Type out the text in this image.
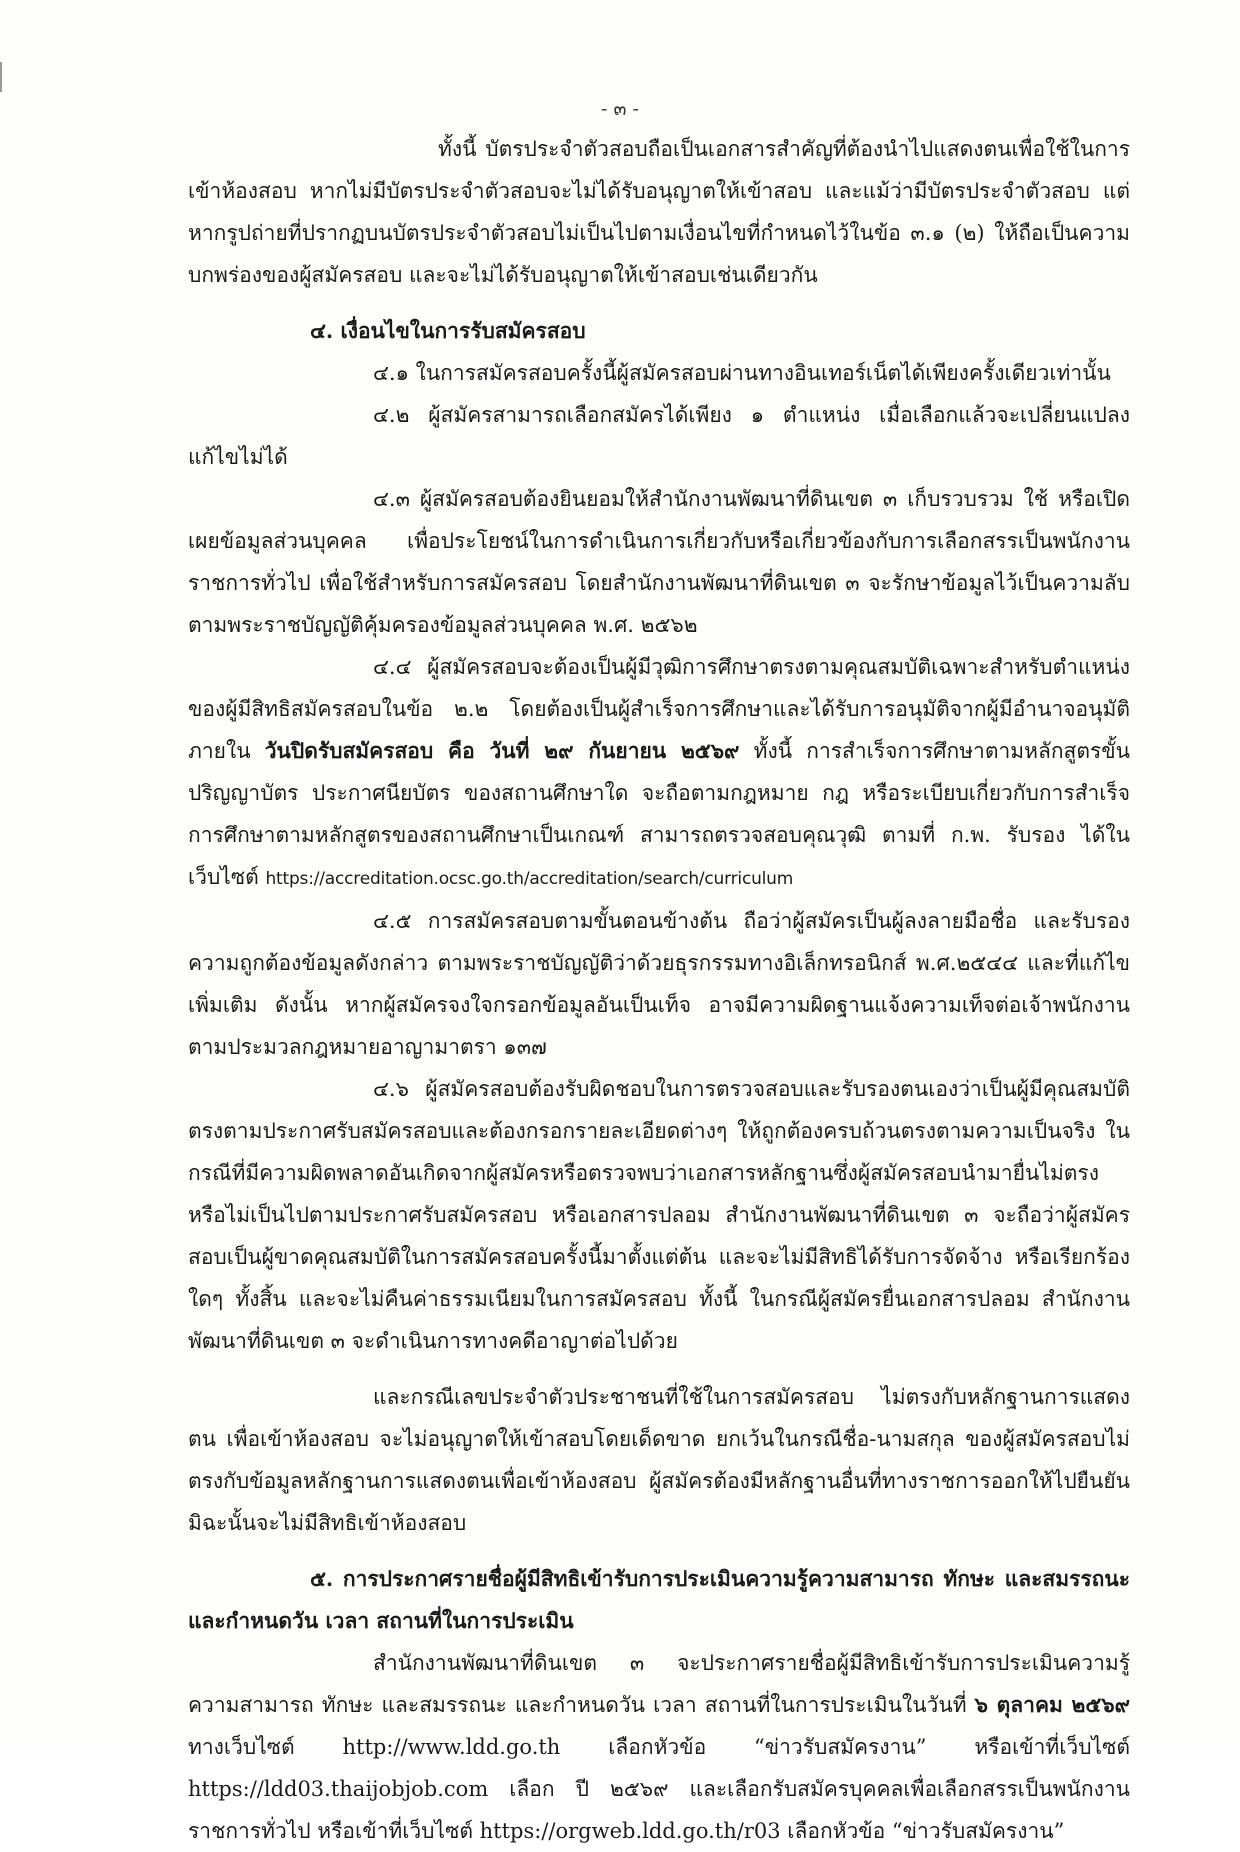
- ๓ -

ทั้งนี้ บัตรประจำตัวสอบถือเป็นเอกสารสำคัญที่ต้องนำไปแสดงตนเพื่อใช้ในการเข้าห้องสอบ หากไม่มีบัตรประจำตัวสอบจะไม่ได้รับอนุญาตให้เข้าสอบ และแม้ว่ามีบัตรประจำตัวสอบ แต่หากรูปถ่ายที่ปรากฏบนบัตรประจำตัวสอบไม่เป็นไปตามเงื่อนไขที่กำหนดไว้ในข้อ ๓.๑ (๒) ให้ถือเป็นความบกพร่องของผู้สมัครสอบ และจะไม่ได้รับอนุญาตให้เข้าสอบเช่นเดียวกัน

๔. เงื่อนไขในการรับสมัครสอบ

๔.๑ ในการสมัครสอบครั้งนี้ผู้สมัครสอบผ่านทางอินเทอร์เน็ตได้เพียงครั้งเดียวเท่านั้น

๔.๒ ผู้สมัครสามารถเลือกสมัครได้เพียง ๑ ตำแหน่ง เมื่อเลือกแล้วจะเปลี่ยนแปลง แก้ไขไม่ได้

๔.๓ ผู้สมัครสอบต้องยินยอมให้สำนักงานพัฒนาที่ดินเขต ๓ เก็บรวบรวม ใช้ หรือเปิดเผยข้อมูลส่วนบุคคล เพื่อประโยชน์ในการดำเนินการเกี่ยวกับหรือเกี่ยวข้องกับการเลือกสรรเป็นพนักงานราชการทั่วไป เพื่อใช้สำหรับการสมัครสอบ โดยสำนักงานพัฒนาที่ดินเขต ๓ จะรักษาข้อมูลไว้เป็นความลับตามพระราชบัญญัติคุ้มครองข้อมูลส่วนบุคคล พ.ศ. ๒๕๖๒

๔.๔ ผู้สมัครสอบจะต้องเป็นผู้มีวุฒิการศึกษาตรงตามคุณสมบัติเฉพาะสำหรับตำแหน่งของผู้มีสิทธิสมัครสอบในข้อ ๒.๒ โดยต้องเป็นผู้สำเร็จการศึกษาและได้รับการอนุมัติจากผู้มีอำนาจอนุมัติภายใน วันปิดรับสมัครสอบ คือ วันที่ ๒๙ กันยายน ๒๕๖๙ ทั้งนี้ การสำเร็จการศึกษาตามหลักสูตรขั้นปริญญาบัตร ประกาศนียบัตร ของสถานศึกษาใด จะถือตามกฎหมาย กฎ หรือระเบียบเกี่ยวกับการสำเร็จการศึกษาตามหลักสูตรของสถานศึกษาเป็นเกณฑ์ สามารถตรวจสอบคุณวุฒิ ตามที่ ก.พ. รับรอง ได้ในเว็บไซต์ https://accreditation.ocsc.go.th/accreditation/search/curriculum

๔.๕ การสมัครสอบตามขั้นตอนข้างต้น ถือว่าผู้สมัครเป็นผู้ลงลายมือชื่อ และรับรองความถูกต้องข้อมูลดังกล่าว ตามพระราชบัญญัติว่าด้วยธุรกรรมทางอิเล็กทรอนิกส์ พ.ศ.๒๕๔๔ และที่แก้ไขเพิ่มเติม ดังนั้น หากผู้สมัครจงใจกรอกข้อมูลอันเป็นเท็จ อาจมีความผิดฐานแจ้งความเท็จต่อเจ้าพนักงาน ตามประมวลกฎหมายอาญามาตรา ๑๓๗

๔.๖ ผู้สมัครสอบต้องรับผิดชอบในการตรวจสอบและรับรองตนเองว่าเป็นผู้มีคุณสมบัติตรงตามประกาศรับสมัครสอบและต้องกรอกรายละเอียดต่างๆ ให้ถูกต้องครบถ้วนตรงตามความเป็นจริง ในกรณีที่มีความผิดพลาดอันเกิดจากผู้สมัครหรือตรวจพบว่าเอกสารหลักฐานซึ่งผู้สมัครสอบนำมายื่นไม่ตรง หรือไม่เป็นไปตามประกาศรับสมัครสอบ หรือเอกสารปลอม สำนักงานพัฒนาที่ดินเขต ๓ จะถือว่าผู้สมัครสอบเป็นผู้ขาดคุณสมบัติในการสมัครสอบครั้งนี้มาตั้งแต่ต้น และจะไม่มีสิทธิได้รับการจัดจ้าง หรือเรียกร้องใดๆ ทั้งสิ้น และจะไม่คืนค่าธรรมเนียมในการสมัครสอบ ทั้งนี้ ในกรณีผู้สมัครยื่นเอกสารปลอม สำนักงานพัฒนาที่ดินเขต ๓ จะดำเนินการทางคดีอาญาต่อไปด้วย

และกรณีเลขประจำตัวประชาชนที่ใช้ในการสมัครสอบ ไม่ตรงกับหลักฐานการแสดงตน เพื่อเข้าห้องสอบ จะไม่อนุญาตให้เข้าสอบโดยเด็ดขาด ยกเว้นในกรณีชื่อ-นามสกุล ของผู้สมัครสอบไม่ตรงกับข้อมูลหลักฐานการแสดงตนเพื่อเข้าห้องสอบ ผู้สมัครต้องมีหลักฐานอื่นที่ทางราชการออกให้ไปยืนยัน มิฉะนั้นจะไม่มีสิทธิเข้าห้องสอบ

๕. การประกาศรายชื่อผู้มีสิทธิเข้ารับการประเมินความรู้ความสามารถ ทักษะ และสมรรถนะ และกำหนดวัน เวลา สถานที่ในการประเมิน

สำนักงานพัฒนาที่ดินเขต ๓ จะประกาศรายชื่อผู้มีสิทธิเข้ารับการประเมินความรู้ ความสามารถ ทักษะ และสมรรถนะ และกำหนดวัน เวลา สถานที่ในการประเมินในวันที่ ๖ ตุลาคม ๒๕๖๙ ทางเว็บไซต์ http://www.ldd.go.th เลือกหัวข้อ “ข่าวรับสมัครงาน” หรือเข้าที่เว็บไซต์ https://ldd03.thaijobjob.com เลือก ปี ๒๕๖๙ และเลือกรับสมัครบุคคลเพื่อเลือกสรรเป็นพนักงานราชการทั่วไป หรือเข้าที่เว็บไซต์ https://orgweb.ldd.go.th/r03 เลือกหัวข้อ “ข่าวรับสมัครงาน”
